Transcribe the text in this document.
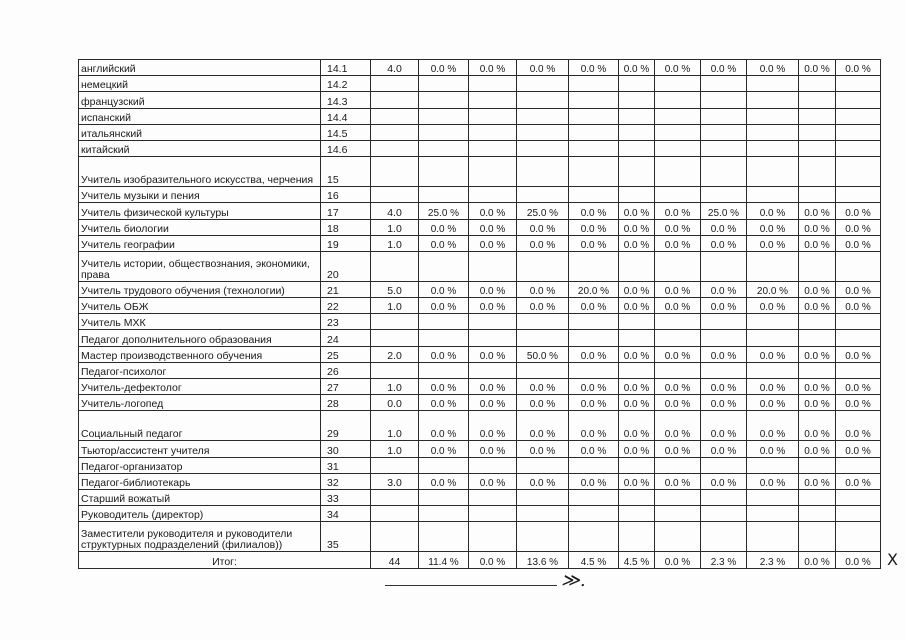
английский	14.1	4.0	0.0 %	0.0 %	0.0 %	0.0 %	0.0 %	0.0 %	0.0 %	0.0 %	0.0 %	0.0 %
немецкий	14.2											
французский	14.3											
испанский	14.4											
итальянский	14.5											
китайский	14.6											
Учитель изобразительного искусства, черчения	15											
Учитель музыки и пения	16											
Учитель физической культуры	17	4.0	25.0 %	0.0 %	25.0 %	0.0 %	0.0 %	0.0 %	25.0 %	0.0 %	0.0 %	0.0 %
Учитель биологии	18	1.0	0.0 %	0.0 %	0.0 %	0.0 %	0.0 %	0.0 %	0.0 %	0.0 %	0.0 %	0.0 %
Учитель географии	19	1.0	0.0 %	0.0 %	0.0 %	0.0 %	0.0 %	0.0 %	0.0 %	0.0 %	0.0 %	0.0 %
Учитель истории, обществознания, экономики, права	20											
Учитель трудового обучения (технологии)	21	5.0	0.0 %	0.0 %	0.0 %	20.0 %	0.0 %	0.0 %	0.0 %	20.0 %	0.0 %	0.0 %
Учитель ОБЖ	22	1.0	0.0 %	0.0 %	0.0 %	0.0 %	0.0 %	0.0 %	0.0 %	0.0 %	0.0 %	0.0 %
Учитель МХК	23											
Педагог дополнительного образования	24											
Мастер производственного обучения	25	2.0	0.0 %	0.0 %	50.0 %	0.0 %	0.0 %	0.0 %	0.0 %	0.0 %	0.0 %	0.0 %
Педагог-психолог	26											
Учитель-дефектолог	27	1.0	0.0 %	0.0 %	0.0 %	0.0 %	0.0 %	0.0 %	0.0 %	0.0 %	0.0 %	0.0 %
Учитель-логопед	28	0.0	0.0 %	0.0 %	0.0 %	0.0 %	0.0 %	0.0 %	0.0 %	0.0 %	0.0 %	0.0 %
Социальный педагог	29	1.0	0.0 %	0.0 %	0.0 %	0.0 %	0.0 %	0.0 %	0.0 %	0.0 %	0.0 %	0.0 %
Тьютор/ассистент учителя	30	1.0	0.0 %	0.0 %	0.0 %	0.0 %	0.0 %	0.0 %	0.0 %	0.0 %	0.0 %	0.0 %
Педагог-организатор	31											
Педагог-библиотекарь	32	3.0	0.0 %	0.0 %	0.0 %	0.0 %	0.0 %	0.0 %	0.0 %	0.0 %	0.0 %	0.0 %
Старший вожатый	33											
Руководитель (директор)	34											
Заместители руководителя и руководители структурных подразделений (филиалов))	35											
Итог:		44	11.4 %	0.0 %	13.6 %	4.5 %	4.5 %	0.0 %	2.3 %	2.3 %	0.0 %	0.0 %
≫.
X
